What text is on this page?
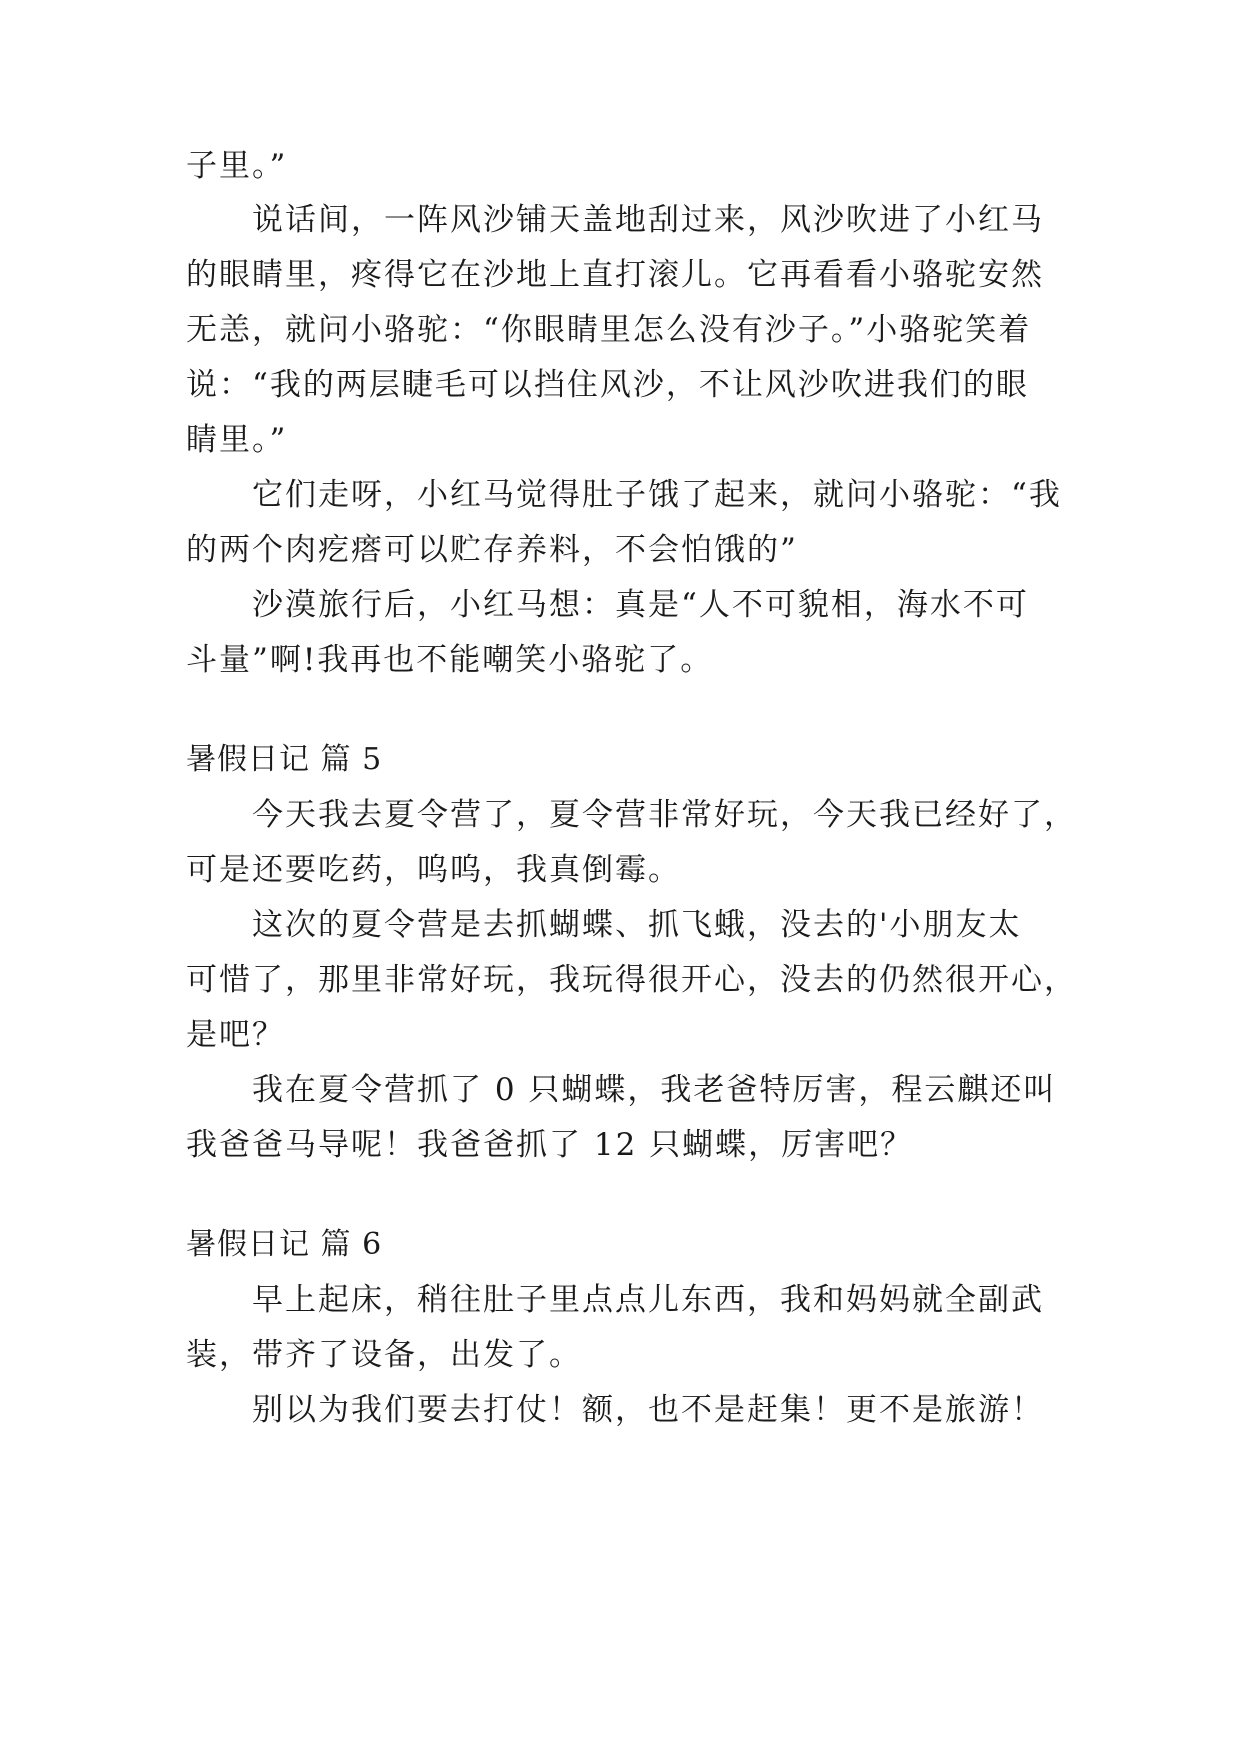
子里。”
说话间，一阵风沙铺天盖地刮过来，风沙吹进了小红马
的眼睛里，疼得它在沙地上直打滚儿。它再看看小骆驼安然
无恙，就问小骆驼：“你眼睛里怎么没有沙子。”小骆驼笑着
说：“我的两层睫毛可以挡住风沙，不让风沙吹进我们的眼
睛里。”
它们走呀，小红马觉得肚子饿了起来，就问小骆驼：“我
的两个肉疙瘩可以贮存养料，不会怕饿的”
沙漠旅行后，小红马想：真是“人不可貌相，海水不可
斗量”啊!我再也不能嘲笑小骆驼了。
暑假日记 篇 5
今天我去夏令营了，夏令营非常好玩，今天我已经好了，
可是还要吃药，呜呜，我真倒霉。
这次的夏令营是去抓蝴蝶、抓飞蛾，没去的'小朋友太
可惜了，那里非常好玩，我玩得很开心，没去的仍然很开心，
是吧？
我在夏令营抓了 0 只蝴蝶，我老爸特厉害，程云麒还叫
我爸爸马导呢！我爸爸抓了 12 只蝴蝶，厉害吧？
暑假日记 篇 6
早上起床，稍往肚子里点点儿东西，我和妈妈就全副武
装，带齐了设备，出发了。
别以为我们要去打仗！额，也不是赶集！更不是旅游！
